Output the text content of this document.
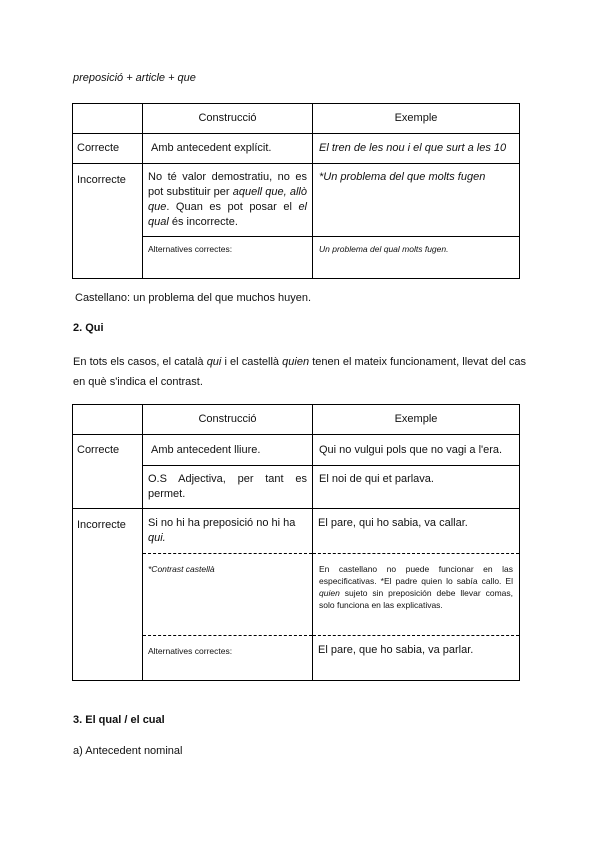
preposició + article + que
	Construcció	Exemple
Correcte	Amb antecedent explícit.	El tren de les nou i el que surt a les 10
Incorrecte	No té valor demostratiu, no es pot substituir per aquell que, allò que. Quan es pot posar el el qual és incorrecte.	*Un problema del que molts fugen
	Alternatives correctes:	Un problema del qual molts fugen.
Castellano: un problema del que muchos huyen.
2. Qui
En tots els casos, el català qui i el castellà quien tenen el mateix funcionament, llevat del cas en què s'indica el contrast.
	Construcció	Exemple
Correcte	Amb antecedent lliure.	Qui no vulgui pols que no vagi a l'era.
	O.S Adjectiva, per tant es permet.	El noi de qui et parlava.
Incorrecte	Si no hi ha preposició no hi ha qui.	El pare, qui ho sabia, va callar.
	*Contrast castellà	En castellano no puede funcionar en las especificativas. *El padre quien lo sabía callo. El quien sujeto sin preposición debe llevar comas, solo funciona en las explicativas.
	Alternatives correctes:	El pare, que ho sabia, va parlar.
3. El qual / el cual
a) Antecedent nominal
